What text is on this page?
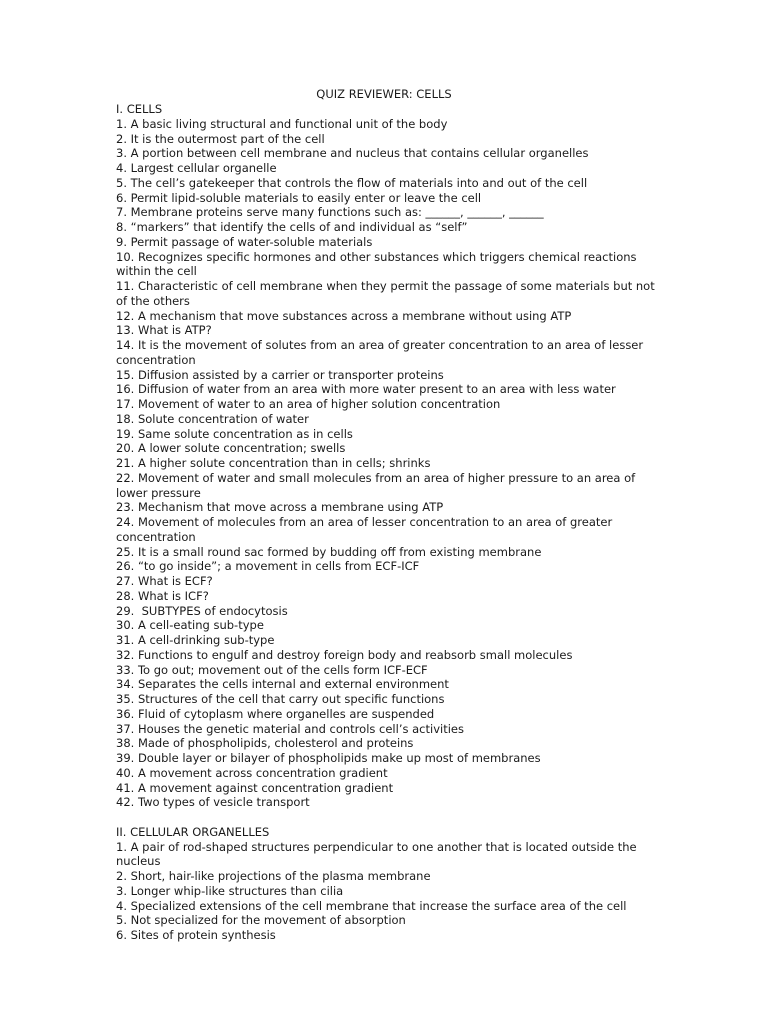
QUIZ REVIEWER: CELLS
I. CELLS
1. A basic living structural and functional unit of the body
2. It is the outermost part of the cell
3. A portion between cell membrane and nucleus that contains cellular organelles
4. Largest cellular organelle
5. The cell’s gatekeeper that controls the flow of materials into and out of the cell
6. Permit lipid-soluble materials to easily enter or leave the cell
7. Membrane proteins serve many functions such as: ______, ______, ______
8. “markers” that identify the cells of and individual as “self”
9. Permit passage of water-soluble materials
10. Recognizes specific hormones and other substances which triggers chemical reactions within the cell
11. Characteristic of cell membrane when they permit the passage of some materials but not of the others
12. A mechanism that move substances across a membrane without using ATP
13. What is ATP?
14. It is the movement of solutes from an area of greater concentration to an area of lesser concentration
15. Diffusion assisted by a carrier or transporter proteins
16. Diffusion of water from an area with more water present to an area with less water
17. Movement of water to an area of higher solution concentration
18. Solute concentration of water
19. Same solute concentration as in cells
20. A lower solute concentration; swells
21. A higher solute concentration than in cells; shrinks
22. Movement of water and small molecules from an area of higher pressure to an area of lower pressure
23. Mechanism that move across a membrane using ATP
24. Movement of molecules from an area of lesser concentration to an area of greater concentration
25. It is a small round sac formed by budding off from existing membrane
26. “to go inside”; a movement in cells from ECF-ICF
27. What is ECF?
28. What is ICF?
29.  SUBTYPES of endocytosis
30. A cell-eating sub-type
31. A cell-drinking sub-type
32. Functions to engulf and destroy foreign body and reabsorb small molecules
33. To go out; movement out of the cells form ICF-ECF
34. Separates the cells internal and external environment
35. Structures of the cell that carry out specific functions
36. Fluid of cytoplasm where organelles are suspended
37. Houses the genetic material and controls cell’s activities
38. Made of phospholipids, cholesterol and proteins
39. Double layer or bilayer of phospholipids make up most of membranes
40. A movement across concentration gradient
41. A movement against concentration gradient
42. Two types of vesicle transport
II. CELLULAR ORGANELLES
1. A pair of rod-shaped structures perpendicular to one another that is located outside the nucleus
2. Short, hair-like projections of the plasma membrane
3. Longer whip-like structures than cilia
4. Specialized extensions of the cell membrane that increase the surface area of the cell
5. Not specialized for the movement of absorption
6. Sites of protein synthesis
